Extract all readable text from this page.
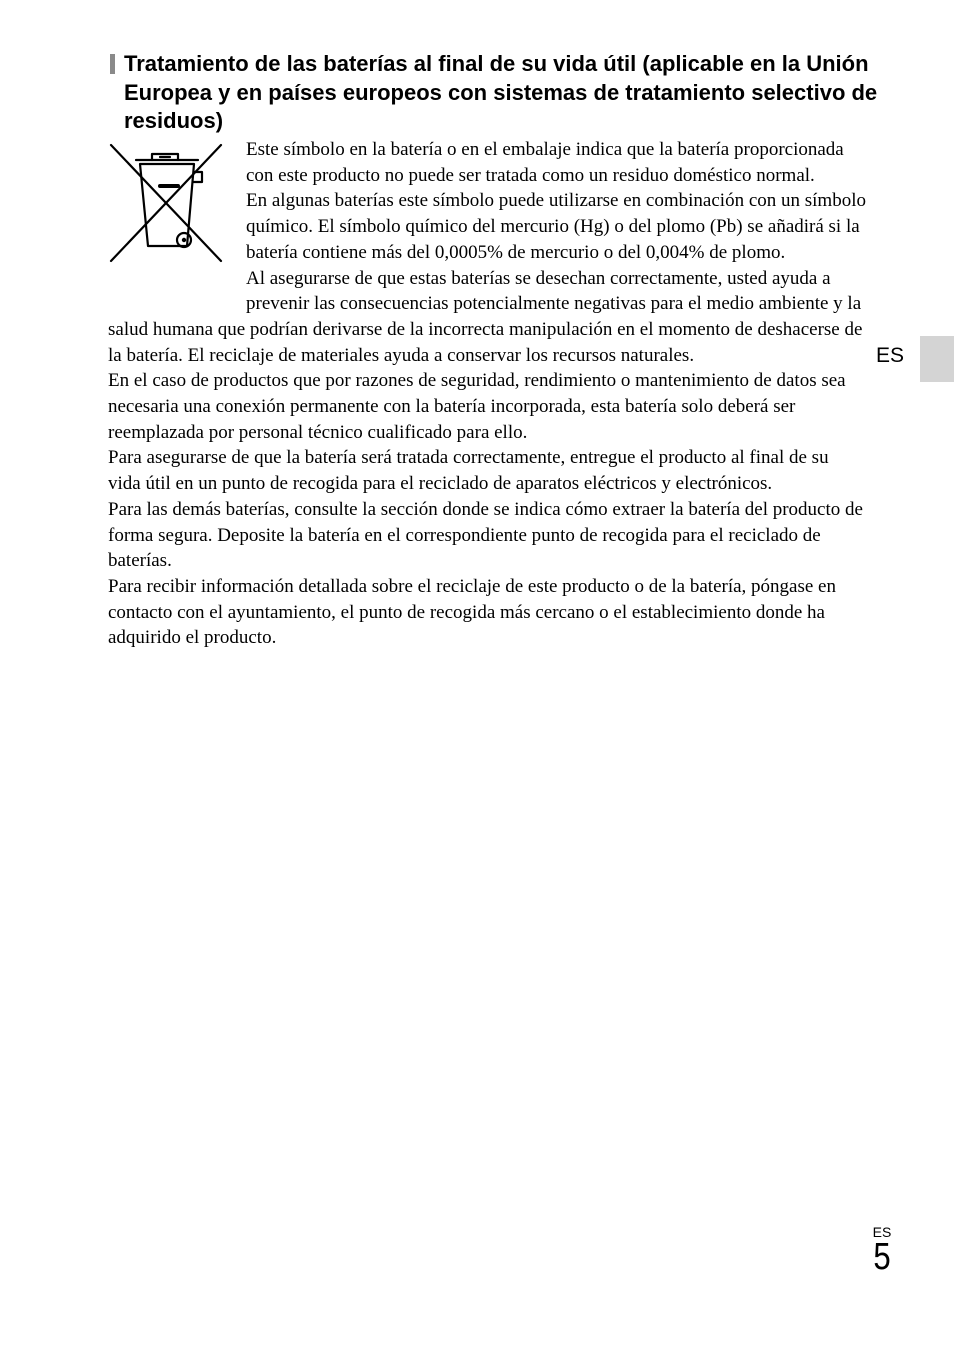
Tratamiento de las baterías al final de su vida útil (aplicable en la Unión Europea y en países europeos con sistemas de tratamiento selectivo de residuos)

Este símbolo en la batería o en el embalaje indica que la batería proporcionada con este producto no puede ser tratada como un residuo doméstico normal.

En algunas baterías este símbolo puede utilizarse en combinación con un símbolo químico. El símbolo químico del mercurio (Hg) o del plomo (Pb) se añadirá si la batería contiene más del 0,0005% de mercurio o del 0,004% de plomo.

Al asegurarse de que estas baterías se desechan correctamente, usted ayuda a prevenir las consecuencias potencialmente negativas para el medio ambiente y la salud humana que podrían derivarse de la incorrecta manipulación en el momento de deshacerse de la batería. El reciclaje de materiales ayuda a conservar los recursos naturales.

En el caso de productos que por razones de seguridad, rendimiento o mantenimiento de datos sea necesaria una conexión permanente con la batería incorporada, esta batería solo deberá ser reemplazada por personal técnico cualificado para ello.

Para asegurarse de que la batería será tratada correctamente, entregue el producto al final de su vida útil en un punto de recogida para el reciclado de aparatos eléctricos y electrónicos.

Para las demás baterías, consulte la sección donde se indica cómo extraer la batería del producto de forma segura. Deposite la batería en el correspondiente punto de recogida para el reciclado de baterías.

Para recibir información detallada sobre el reciclaje de este producto o de la batería, póngase en contacto con el ayuntamiento, el punto de recogida más cercano o el establecimiento donde ha adquirido el producto.

ES
ES
5
